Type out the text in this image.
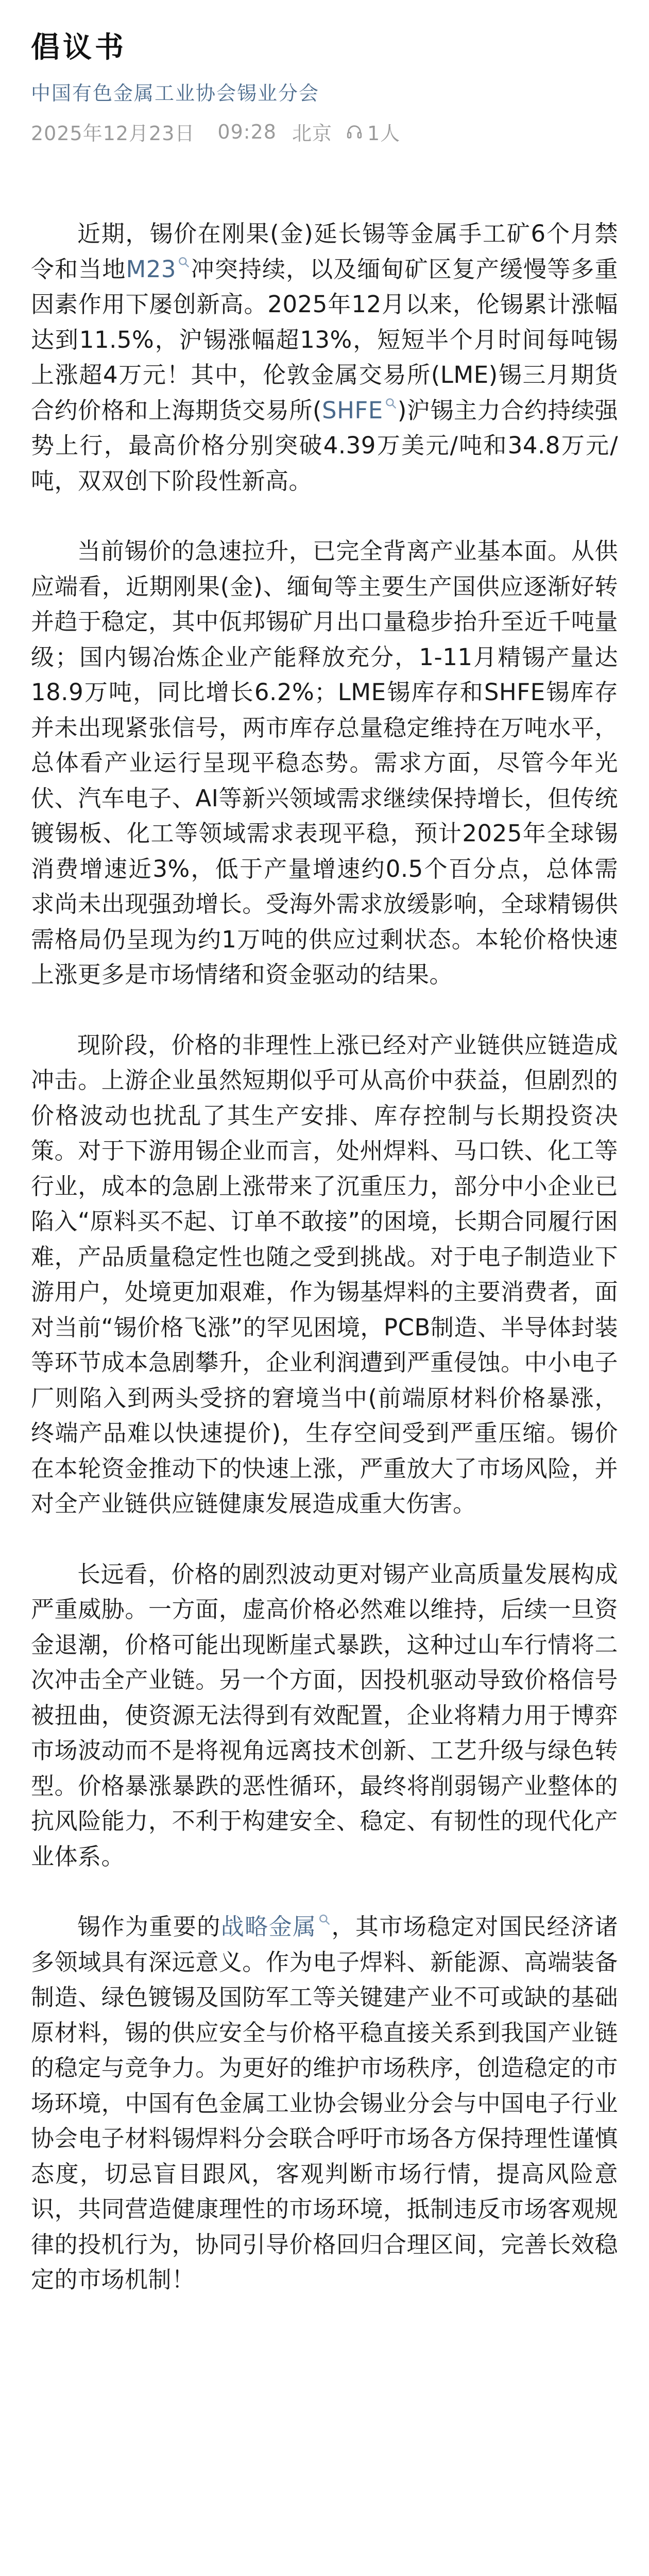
倡议书
中国有色金属工业协会锡业分会
2025年12月23日 09:28 北京 1人

近期，锡价在刚果(金)延长锡等金属手工矿6个月禁令和当地M23 冲突持续，以及缅甸矿区复产缓慢等多重因素作用下屡创新高。2025年12月以来，伦锡累计涨幅达到11.5%，沪锡涨幅超13%，短短半个月时间每吨锡上涨超4万元！其中，伦敦金属交易所(LME)锡三月期货合约价格和上海期货交易所(SHFE )沪锡主力合约持续强势上行，最高价格分别突破4.39万美元/吨和34.8万元/吨，双双创下阶段性新高。

当前锡价的急速拉升，已完全背离产业基本面。从供应端看，近期刚果(金)、缅甸等主要生产国供应逐渐好转并趋于稳定，其中佤邦锡矿月出口量稳步抬升至近千吨量级；国内锡冶炼企业产能释放充分，1-11月精锡产量达18.9万吨，同比增长6.2%；LME锡库存和SHFE锡库存并未出现紧张信号，两市库存总量稳定维持在万吨水平，总体看产业运行呈现平稳态势。需求方面，尽管今年光伏、汽车电子、AI等新兴领域需求继续保持增长，但传统镀锡板、化工等领域需求表现平稳，预计2025年全球锡消费增速近3%，低于产量增速约0.5个百分点，总体需求尚未出现强劲增长。受海外需求放缓影响，全球精锡供需格局仍呈现为约1万吨的供应过剩状态。本轮价格快速上涨更多是市场情绪和资金驱动的结果。

现阶段，价格的非理性上涨已经对产业链供应链造成冲击。上游企业虽然短期似乎可从高价中获益，但剧烈的价格波动也扰乱了其生产安排、库存控制与长期投资决策。对于下游用锡企业而言，处州焊料、马口铁、化工等行业，成本的急剧上涨带来了沉重压力，部分中小企业已陷入“原料买不起、订单不敢接”的困境，长期合同履行困难，产品质量稳定性也随之受到挑战。对于电子制造业下游用户，处境更加艰难，作为锡基焊料的主要消费者，面对当前“锡价格飞涨”的罕见困境，PCB制造、半导体封装等环节成本急剧攀升，企业利润遭到严重侵蚀。中小电子厂则陷入到两头受挤的窘境当中(前端原材料价格暴涨，终端产品难以快速提价)，生存空间受到严重压缩。锡价在本轮资金推动下的快速上涨，严重放大了市场风险，并对全产业链供应链健康发展造成重大伤害。

长远看，价格的剧烈波动更对锡产业高质量发展构成严重威胁。一方面，虚高价格必然难以维持，后续一旦资金退潮，价格可能出现断崖式暴跌，这种过山车行情将二次冲击全产业链。另一个方面，因投机驱动导致价格信号被扭曲，使资源无法得到有效配置，企业将精力用于博弈市场波动而不是将视角远离技术创新、工艺升级与绿色转型。价格暴涨暴跌的恶性循环，最终将削弱锡产业整体的抗风险能力，不利于构建安全、稳定、有韧性的现代化产业体系。

锡作为重要的战略金属 ，其市场稳定对国民经济诸多领域具有深远意义。作为电子焊料、新能源、高端装备制造、绿色镀锡及国防军工等关键建产业不可或缺的基础原材料，锡的供应安全与价格平稳直接关系到我国产业链的稳定与竞争力。为更好的维护市场秩序，创造稳定的市场环境，中国有色金属工业协会锡业分会与中国电子行业协会电子材料锡焊料分会联合呼吁市场各方保持理性谨慎态度，切忌盲目跟风，客观判断市场行情，提高风险意识，共同营造健康理性的市场环境，抵制违反市场客观规律的投机行为，协同引导价格回归合理区间，完善长效稳定的市场机制！
